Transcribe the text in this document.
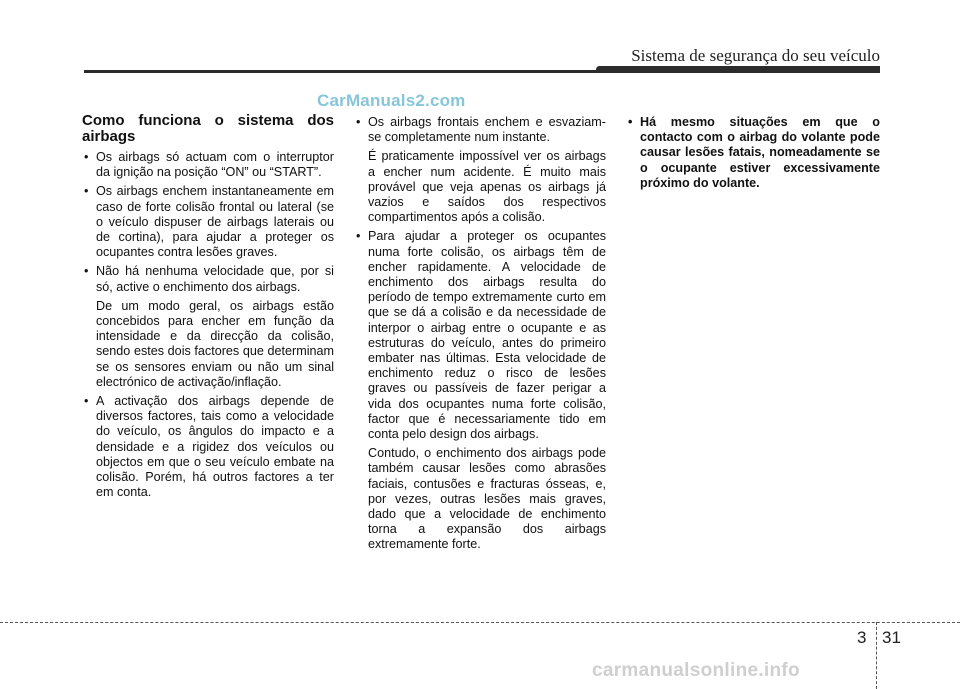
Sistema de segurança do seu veículo
CarManuals2.com
Como funciona o sistema dos airbags
• Os airbags só actuam com o interruptor da ignição na posição “ON” ou “START”.
• Os airbags enchem instantaneamente em caso de forte colisão frontal ou lateral (se o veículo dispuser de airbags laterais ou de cortina), para ajudar a proteger os ocupantes contra lesões graves.
• Não há nenhuma velocidade que, por si só, active o enchimento dos airbags.

De um modo geral, os airbags estão concebidos para encher em função da intensidade e da direcção da colisão, sendo estes dois factores que determinam se os sensores enviam ou não um sinal electrónico de activação/inflação.

• A activação dos airbags depende de diversos factores, tais como a velocidade do veículo, os ângulos do impacto e a densidade e a rigidez dos veículos ou objectos em que o seu veículo embate na colisão. Porém, há outros factores a ter em conta.
• Os airbags frontais enchem e esvaziam-se completamente num instante.

É praticamente impossível ver os airbags a encher num acidente. É muito mais provável que veja apenas os airbags já vazios e saídos dos respectivos compartimentos após a colisão.

• Para ajudar a proteger os ocupantes numa forte colisão, os airbags têm de encher rapidamente. A velocidade de enchimento dos airbags resulta do período de tempo extremamente curto em que se dá a colisão e da necessidade de interpor o airbag entre o ocupante e as estruturas do veículo, antes do primeiro embater nas últimas. Esta velocidade de enchimento reduz o risco de lesões graves ou passíveis de fazer perigar a vida dos ocupantes numa forte colisão, factor que é necessariamente tido em conta pelo design dos airbags.

Contudo, o enchimento dos airbags pode também causar lesões como abrasões faciais, contusões e fracturas ósseas, e, por vezes, outras lesões mais graves, dado que a velocidade de enchimento torna a expansão dos airbags extremamente forte.

• Há mesmo situações em que o contacto com o airbag do volante pode causar lesões fatais, nomeadamente se o ocupante estiver excessivamente próximo do volante.
3 31
carmanualsonline.info
